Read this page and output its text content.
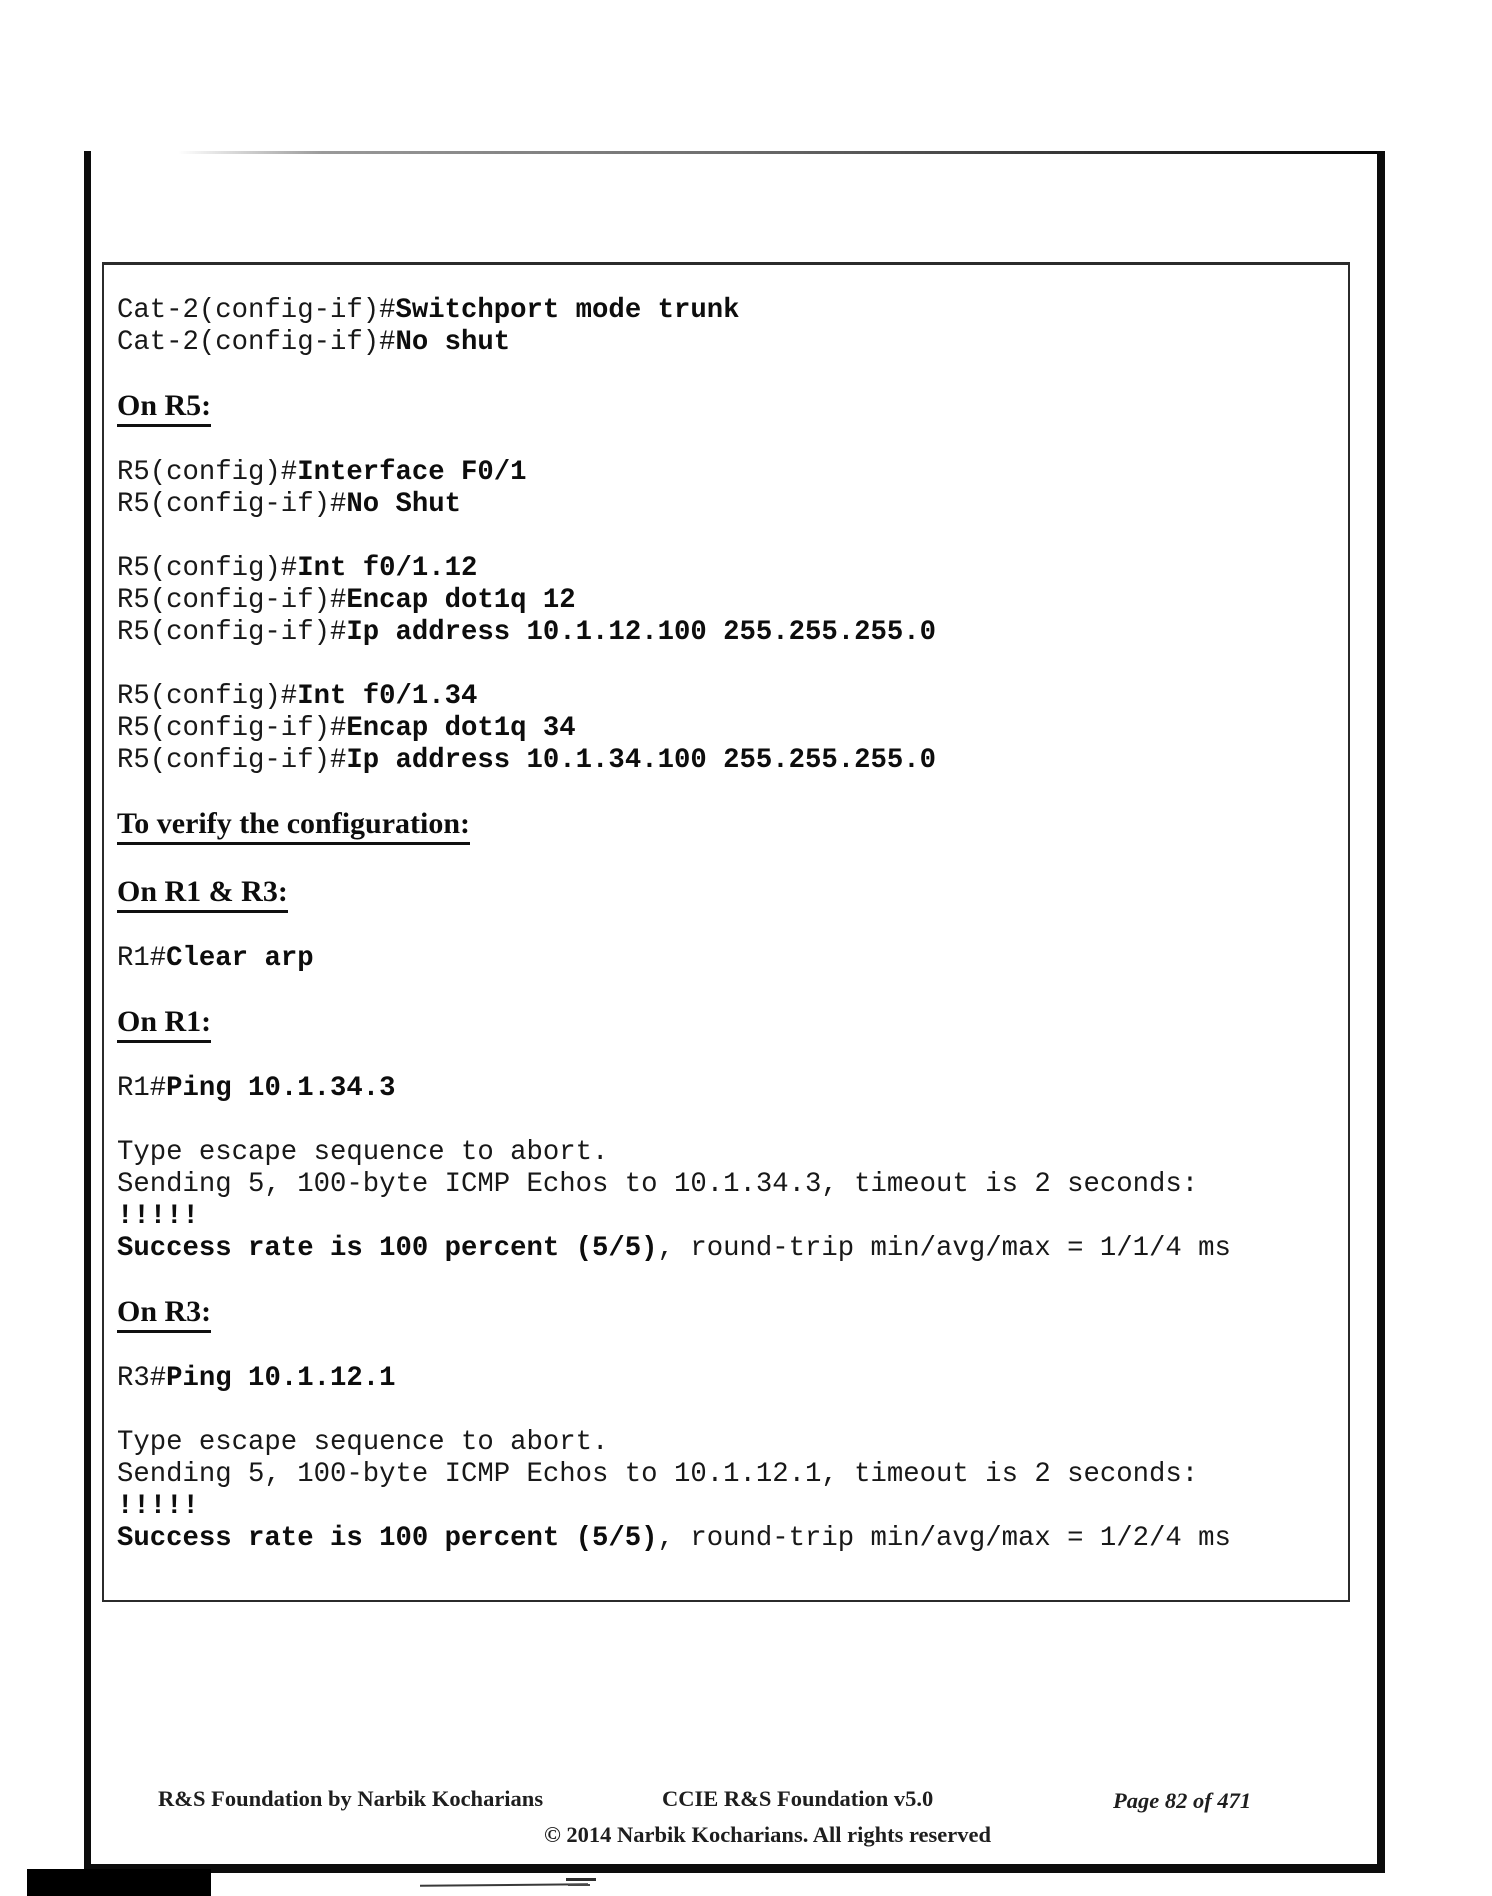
Cat-2(config-if)#Switchport mode trunk
Cat-2(config-if)#No shut
On R5:
R5(config)#Interface F0/1
R5(config-if)#No Shut
R5(config)#Int f0/1.12
R5(config-if)#Encap dot1q 12
R5(config-if)#Ip address 10.1.12.100 255.255.255.0
R5(config)#Int f0/1.34
R5(config-if)#Encap dot1q 34
R5(config-if)#Ip address 10.1.34.100 255.255.255.0
To verify the configuration:
On R1 & R3:
R1#Clear arp
On R1:
R1#Ping 10.1.34.3
Type escape sequence to abort.
Sending 5, 100-byte ICMP Echos to 10.1.34.3, timeout is 2 seconds:
!!!!!
Success rate is 100 percent (5/5), round-trip min/avg/max = 1/1/4 ms
On R3:
R3#Ping 10.1.12.1
Type escape sequence to abort.
Sending 5, 100-byte ICMP Echos to 10.1.12.1, timeout is 2 seconds:
!!!!!
Success rate is 100 percent (5/5), round-trip min/avg/max = 1/2/4 ms
R&S Foundation by Narbik Kocharians	CCIE R&S Foundation v5.0	Page 82 of 471
© 2014 Narbik Kocharians. All rights reserved
